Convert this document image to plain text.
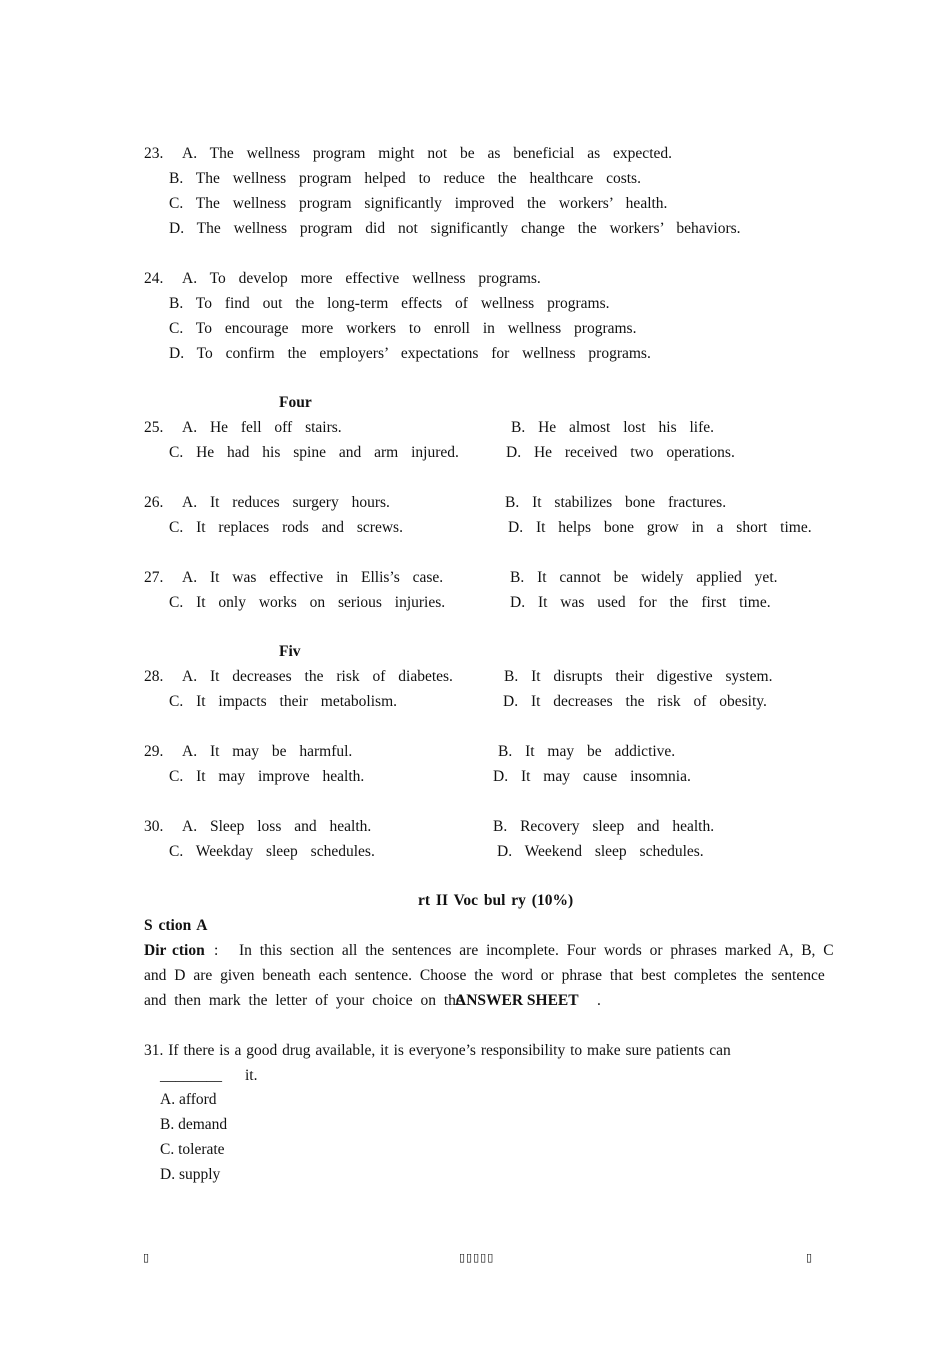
23. A. The wellness program might not be as beneficial as expected.
B. The wellness program helped to reduce the healthcare costs.
C. The wellness program significantly improved the workers’ health.
D. The wellness program did not significantly change the workers’ behaviors.
24. A. To develop more effective wellness programs.
B. To find out the long-term effects of wellness programs.
C. To encourage more workers to enroll in wellness programs.
D. To confirm the employers’ expectations for wellness programs.
Four
25. A. He fell off stairs.	B. He almost lost his life.
C. He had his spine and arm injured.	D. He received two operations.
26. A. It reduces surgery hours.	B. It stabilizes bone fractures.
C. It replaces rods and screws.	D. It helps bone grow in a short time.
27. A. It was effective in Ellis’s case.	B. It cannot be widely applied yet.
C. It only works on serious injuries.	D. It was used for the first time.
Fiv
28. A. It decreases the risk of diabetes.	B. It disrupts their digestive system.
C. It impacts their metabolism.	D. It decreases the risk of obesity.
29. A. It may be harmful.	B. It may be addictive.
C. It may improve health.	D. It may cause insomnia.
30. A. Sleep loss and health.	B. Recovery sleep and health.
C. Weekday sleep schedules.	D. Weekend sleep schedules.
rt II Voc bul ry (10%)
S ction A
Dir ction : In this section all the sentences are incomplete. Four words or phrases marked A, B, C
and D are given beneath each sentence. Choose the word or phrase that best completes the sentence
and then mark the letter of your choice on the
ANSWER SHEET .
31. If there is a good drug available, it is everyone’s responsibility to make sure patients can
________ it.
A. afford
B. demand
C. tolerate
D. supply
▯	▯▯▯▯▯	▯
